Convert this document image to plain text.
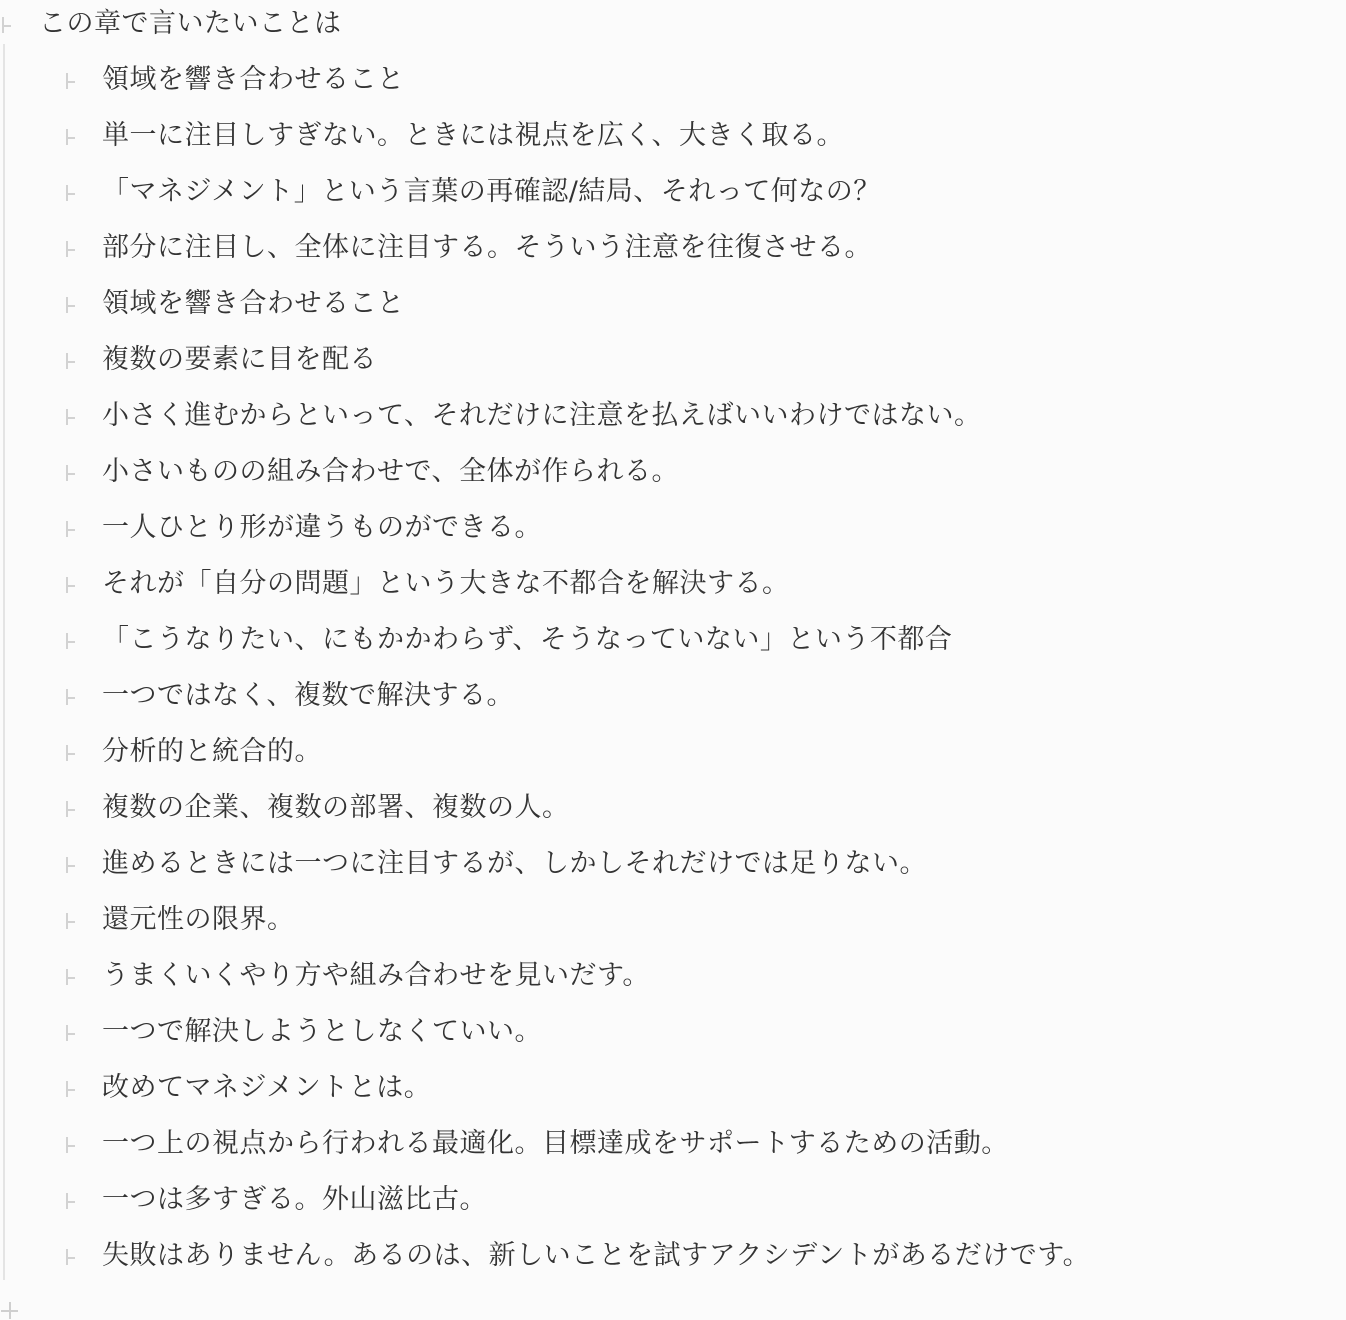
この章で言いたいことは
領域を響き合わせること
単一に注目しすぎない。ときには視点を広く、大きく取る。
「マネジメント」という言葉の再確認/結局、それって何なの？
部分に注目し、全体に注目する。そういう注意を往復させる。
領域を響き合わせること
複数の要素に目を配る
小さく進むからといって、それだけに注意を払えばいいわけではない。
小さいものの組み合わせで、全体が作られる。
一人ひとり形が違うものができる。
それが「自分の問題」という大きな不都合を解決する。
「こうなりたい、にもかかわらず、そうなっていない」という不都合
一つではなく、複数で解決する。
分析的と統合的。
複数の企業、複数の部署、複数の人。
進めるときには一つに注目するが、しかしそれだけでは足りない。
還元性の限界。
うまくいくやり方や組み合わせを見いだす。
一つで解決しようとしなくていい。
改めてマネジメントとは。
一つ上の視点から行われる最適化。目標達成をサポートするための活動。
一つは多すぎる。外山滋比古。
失敗はありません。あるのは、新しいことを試すアクシデントがあるだけです。
